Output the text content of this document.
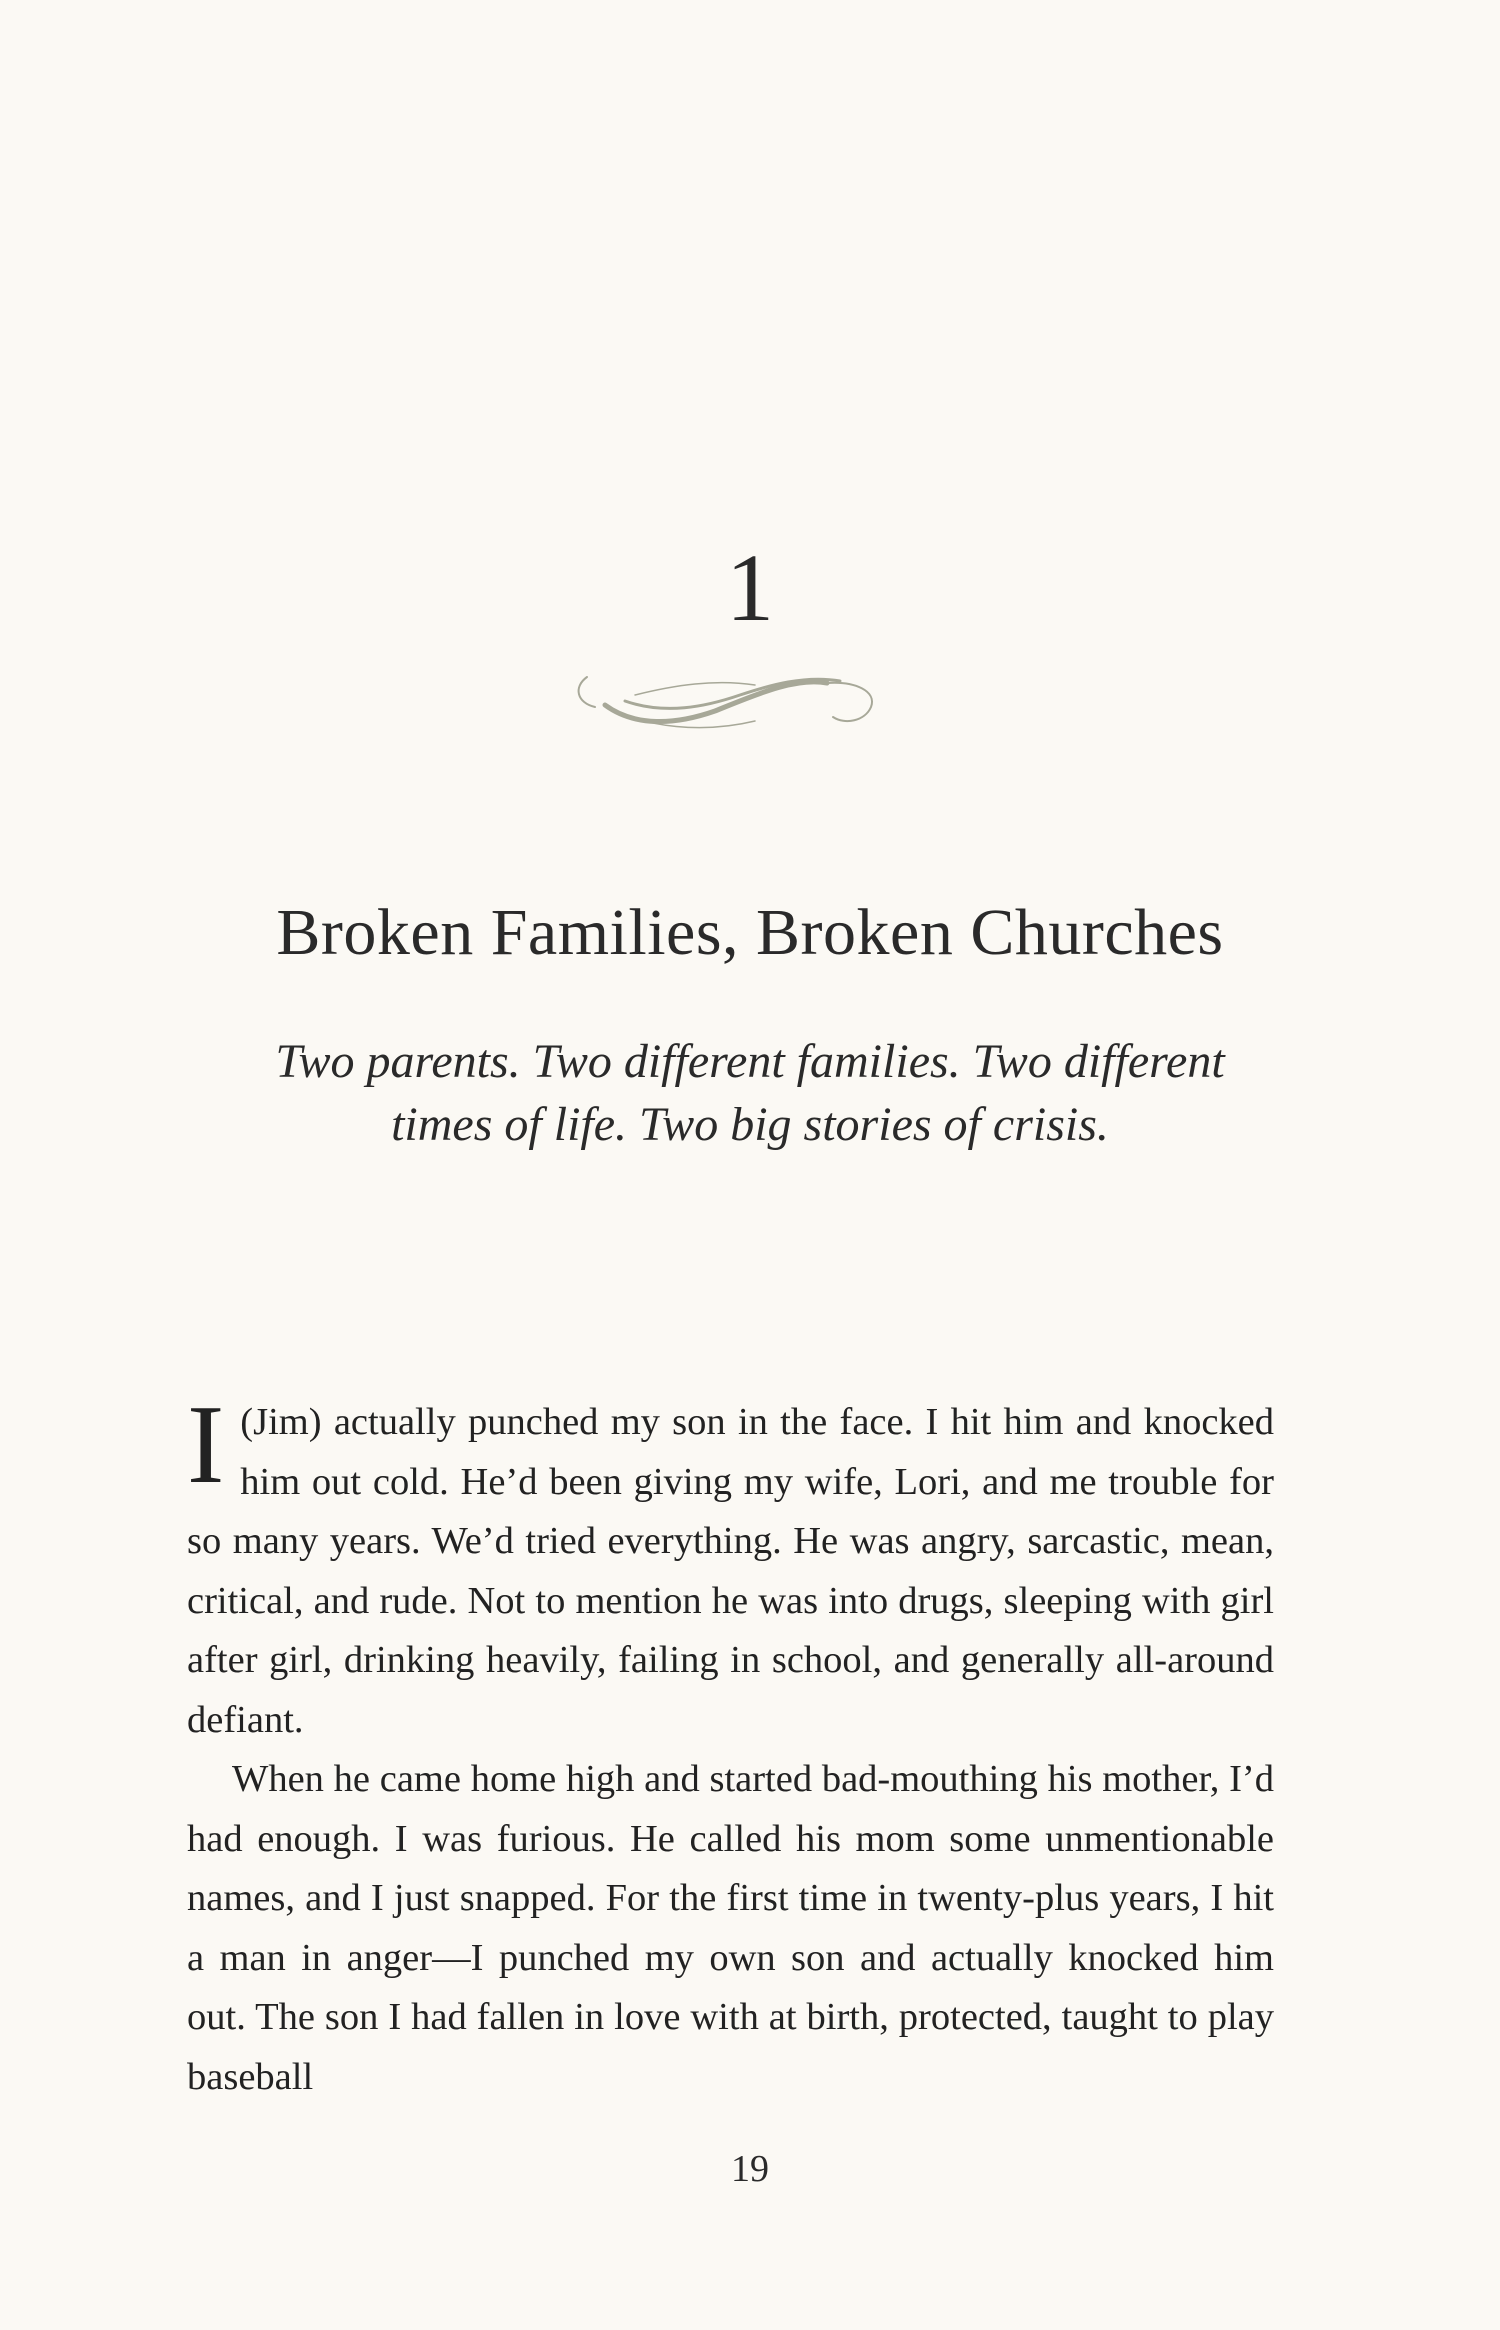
1
Broken Families, Broken Churches
Two parents. Two different families. Two different times of life. Two big stories of crisis.

I (Jim) actually punched my son in the face. I hit him and knocked him out cold. He’d been giving my wife, Lori, and me trouble for so many years. We’d tried everything. He was angry, sarcastic, mean, critical, and rude. Not to mention he was into drugs, sleeping with girl after girl, drinking heavily, failing in school, and generally all-around defiant.

When he came home high and started bad-mouthing his mother, I’d had enough. I was furious. He called his mom some unmentionable names, and I just snapped. For the first time in twenty-plus years, I hit a man in anger—I punched my own son and actually knocked him out. The son I had fallen in love with at birth, protected, taught to play baseball

19
